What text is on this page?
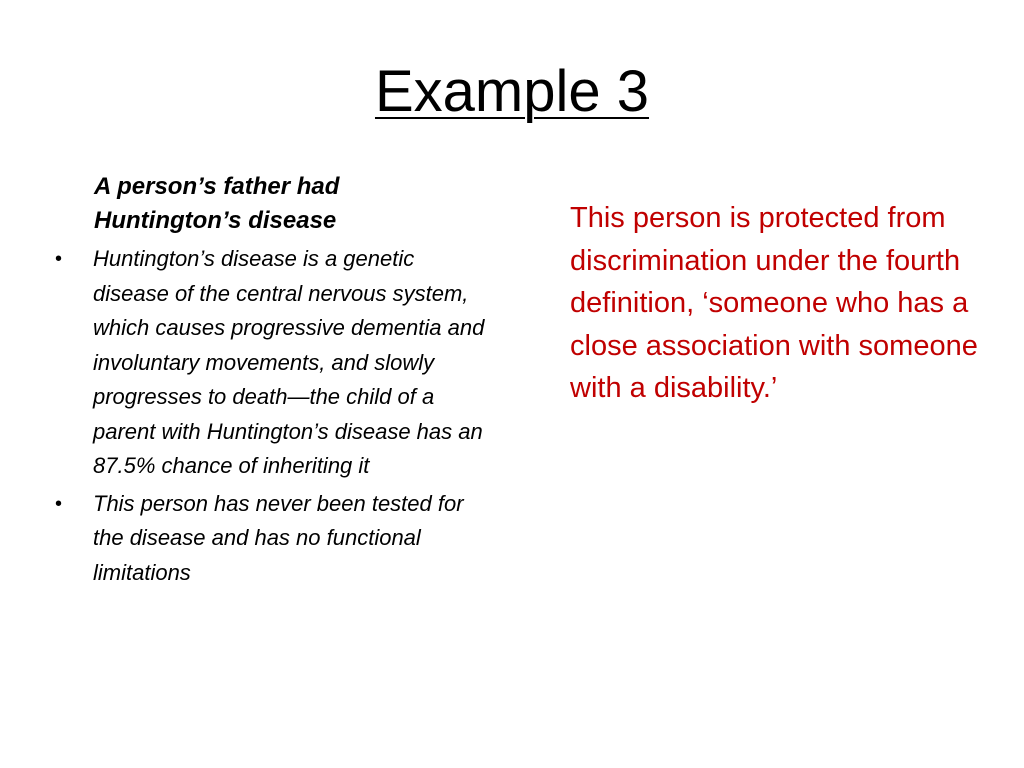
Example 3

A person’s father had
Huntington’s disease

• Huntington’s disease is a genetic disease of the central nervous system, which causes progressive dementia and involuntary movements, and slowly progresses to death—the child of a parent with Huntington’s disease has an 87.5% chance of inheriting it
• This person has never been tested for the disease and has no functional limitations

This person is protected from discrimination under the fourth definition, ‘someone who has a close association with someone with a disability.’
